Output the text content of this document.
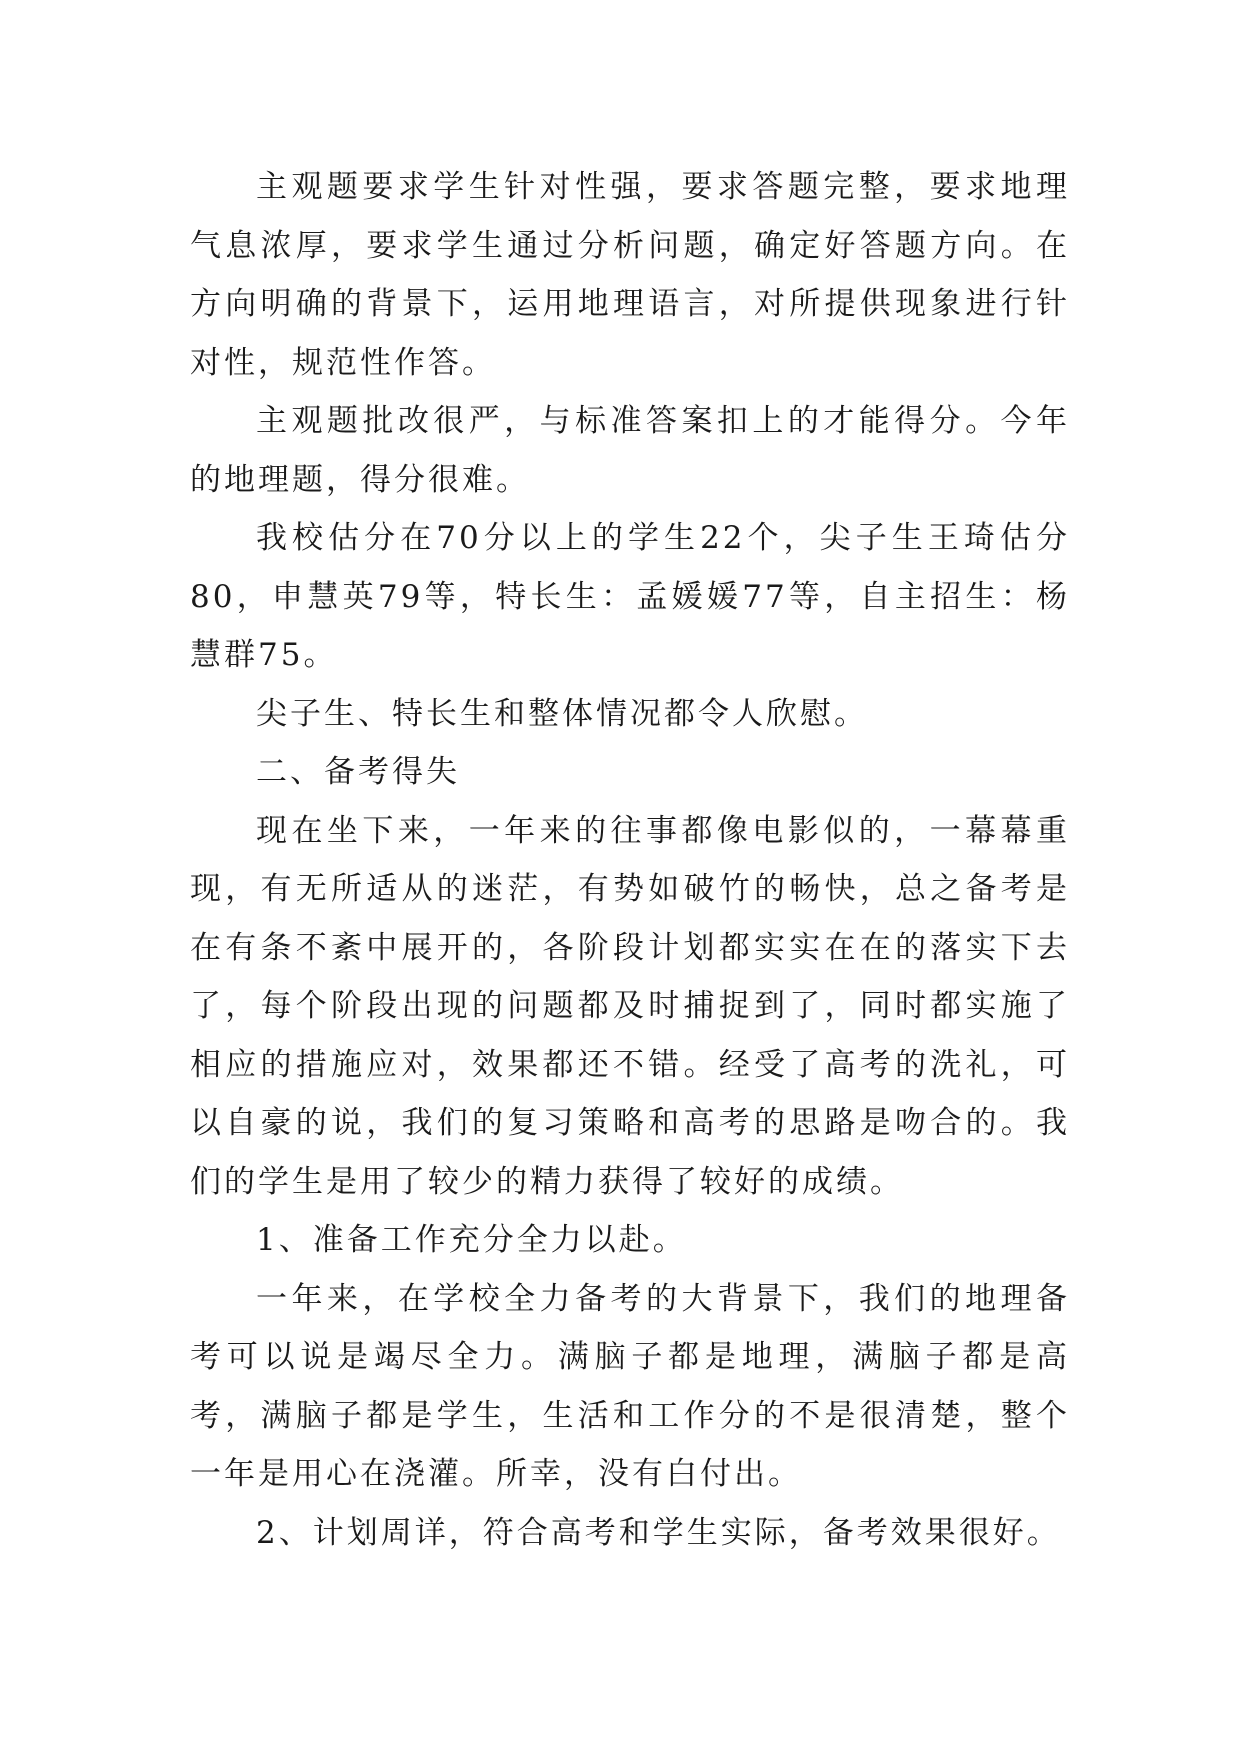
主观题要求学生针对性强，要求答题完整，要求地理气息浓厚，要求学生通过分析问题，确定好答题方向。在方向明确的背景下，运用地理语言，对所提供现象进行针对性，规范性作答。

主观题批改很严，与标准答案扣上的才能得分。今年的地理题，得分很难。

我校估分在70分以上的学生22个，尖子生王琦估分80，申慧英79等，特长生：孟媛媛77等，自主招生：杨慧群75。

尖子生、特长生和整体情况都令人欣慰。

二、备考得失

现在坐下来，一年来的往事都像电影似的，一幕幕重现，有无所适从的迷茫，有势如破竹的畅快，总之备考是在有条不紊中展开的，各阶段计划都实实在在的落实下去了，每个阶段出现的问题都及时捕捉到了，同时都实施了相应的措施应对，效果都还不错。经受了高考的洗礼，可以自豪的说，我们的复习策略和高考的思路是吻合的。我们的学生是用了较少的精力获得了较好的成绩。

1、准备工作充分全力以赴。

一年来，在学校全力备考的大背景下，我们的地理备考可以说是竭尽全力。满脑子都是地理，满脑子都是高考，满脑子都是学生，生活和工作分的不是很清楚，整个一年是用心在浇灌。所幸，没有白付出。

2、计划周详，符合高考和学生实际，备考效果很好。
